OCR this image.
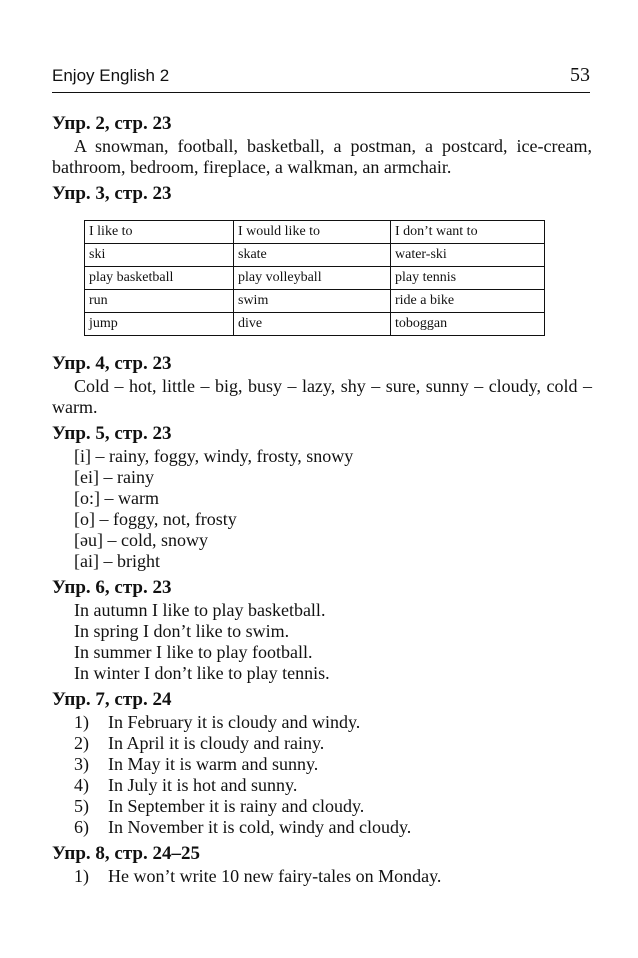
Enjoy English 2	53

Упр. 2, стр. 23

A snowman, football, basketball, a postman, a postcard, ice-cream, bathroom, bedroom, fireplace, a walkman, an armchair.

Упр. 3, стр. 23

I like to	I would like to	I don’t want to
ski	skate	water-ski
play basketball	play volleyball	play tennis
run	swim	ride a bike
jump	dive	toboggan

Упр. 4, стр. 23

Cold – hot, little – big, busy – lazy, shy – sure, sunny – cloudy, cold – warm.

Упр. 5, стр. 23

[i] – rainy, foggy, windy, frosty, snowy
[ei] – rainy
[o:] – warm
[o] – foggy, not, frosty
[əu] – cold, snowy
[ai] – bright

Упр. 6, стр. 23

In autumn I like to play basketball.
In spring I don’t like to swim.
In summer I like to play football.
In winter I don’t like to play tennis.

Упр. 7, стр. 24

1) In February it is cloudy and windy.
2) In April it is cloudy and rainy.
3) In May it is warm and sunny.
4) In July it is hot and sunny.
5) In September it is rainy and cloudy.
6) In November it is cold, windy and cloudy.

Упр. 8, стр. 24–25

1) He won’t write 10 new fairy-tales on Monday.
